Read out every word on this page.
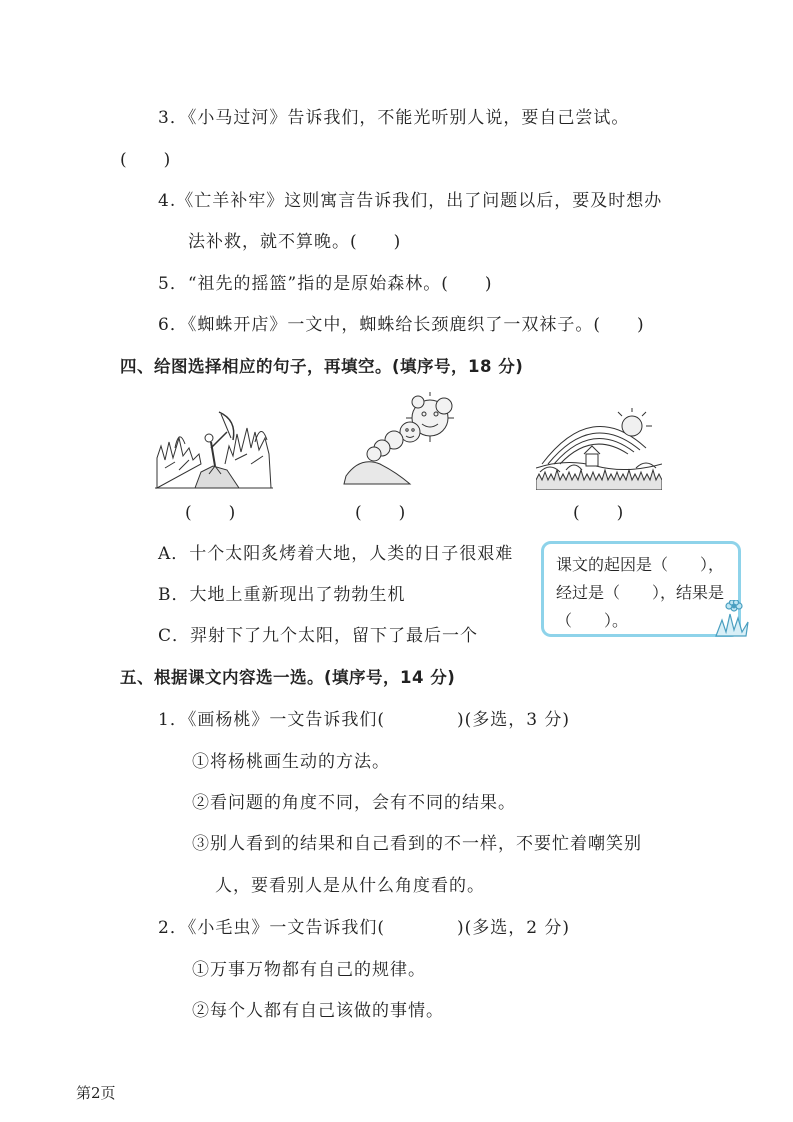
3．《小马过河》告诉我们，不能光听别人说，要自己尝试。
(　　)
4.《亡羊补牢》这则寓言告诉我们，出了问题以后，要及时想办
法补救，就不算晚。(　　)
5．“祖先的摇篮”指的是原始森林。(　　)
6．《蜘蛛开店》一文中，蜘蛛给长颈鹿织了一双袜子。(　　)
四、给图选择相应的句子，再填空。(填序号，18 分)
(　　)	(　　)	(　　)
A．十个太阳炙烤着大地，人类的日子很艰难
B．大地上重新现出了勃勃生机
C．羿射下了九个太阳，留下了最后一个
课文的起因是（　　），
经过是（　　），结果是
（　　）。
五、根据课文内容选一选。(填序号，14 分)
1．《画杨桃》一文告诉我们(　　　　)(多选，3 分)
①将杨桃画生动的方法。
②看问题的角度不同，会有不同的结果。
③别人看到的结果和自己看到的不一样，不要忙着嘲笑别
人，要看别人是从什么角度看的。
2．《小毛虫》一文告诉我们(　　　　)(多选，2 分)
①万事万物都有自己的规律。
②每个人都有自己该做的事情。
第2页
